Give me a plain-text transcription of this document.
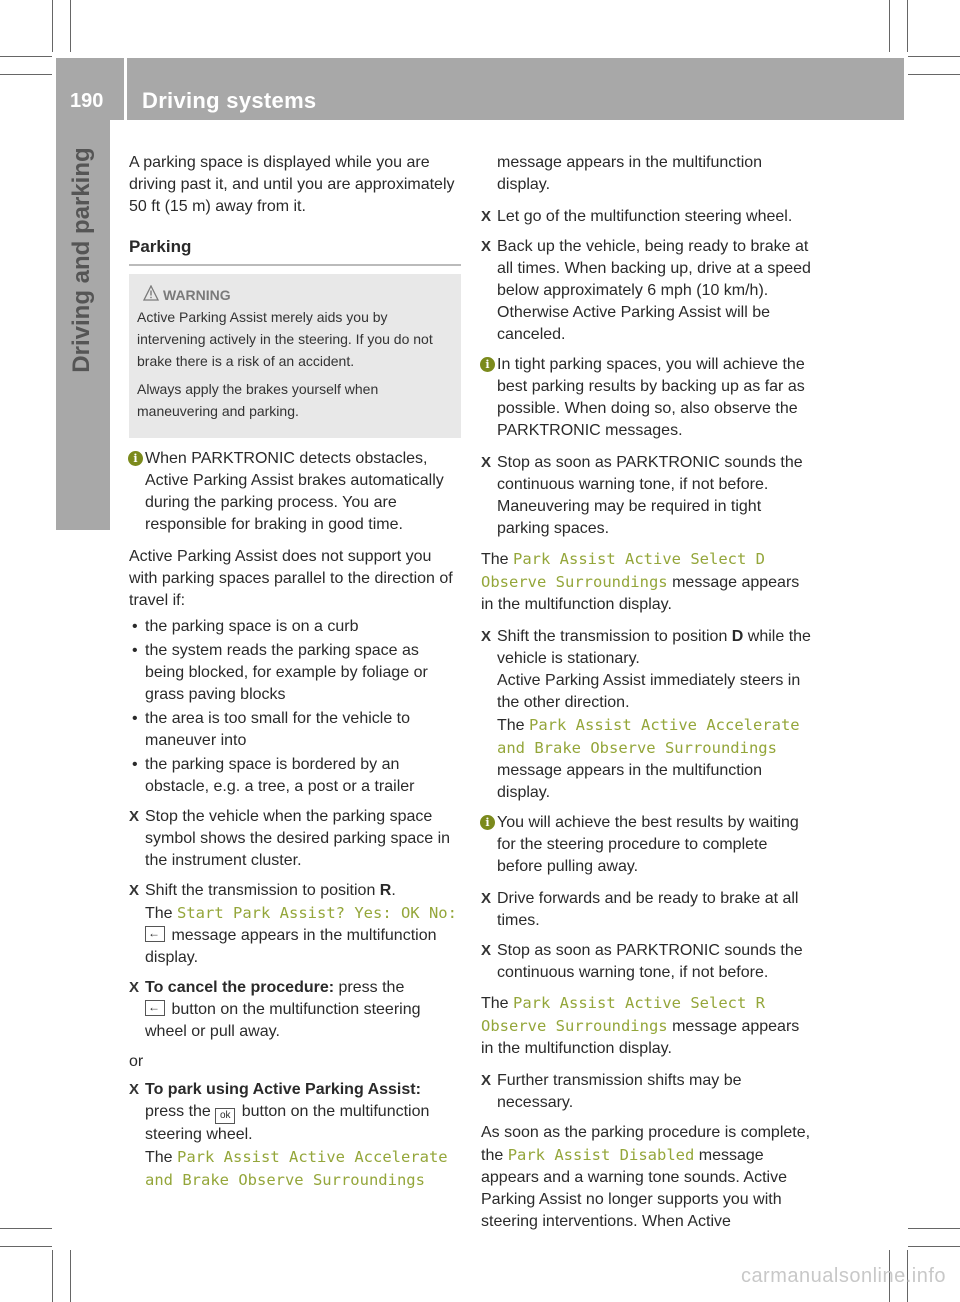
190 Driving systems
Driving and parking A parking space is displayed while you are driving past it, and until you are approximately 50 ft (15 m) away from it.

Parking
WARNING

Active Parking Assist merely aids you by intervening actively in the steering. If you do not brake there is a risk of an accident.

Always apply the brakes yourself when maneuvering and parking.

i When PARKTRONIC detects obstacles, Active Parking Assist brakes automatically during the parking process. You are responsible for braking in good time.

Active Parking Assist does not support you with parking spaces parallel to the direction of travel if:

• the parking space is on a curb
• the system reads the parking space as being blocked, for example by foliage or grass paving blocks
• the area is too small for the vehicle to maneuver into
• the parking space is bordered by an obstacle, e.g. a tree, a post or a trailer
X Stop the vehicle when the parking space symbol shows the desired parking space in the instrument cluster.
X Shift the transmission to position R.
The Start Park Assist? Yes: OK No:
← message appears in the multifunction display.
X To cancel the procedure: press the
← button on the multifunction steering wheel or pull away.

or

X To park using Active Parking Assist:
press the ok button on the multifunction steering wheel.
The Park Assist Active Accelerate
and Brake Observe Surroundings

message appears in the multifunction display.

X Let go of the multifunction steering wheel.
X Back up the vehicle, being ready to brake at all times. When backing up, drive at a speed below approximately 6 mph (10 km/h). Otherwise Active Parking Assist will be canceled.
i In tight parking spaces, you will achieve the best parking results by backing up as far as possible. When doing so, also observe the PARKTRONIC messages.
X Stop as soon as PARKTRONIC sounds the continuous warning tone, if not before. Maneuvering may be required in tight parking spaces.

The Park Assist Active Select D
Observe Surroundings message appears in the multifunction display.

X Shift the transmission to position D while the vehicle is stationary.
Active Parking Assist immediately steers in the other direction.
The Park Assist Active Accelerate
and Brake Observe Surroundings
message appears in the multifunction display.
i You will achieve the best results by waiting for the steering procedure to complete before pulling away.
X Drive forwards and be ready to brake at all times.
X Stop as soon as PARKTRONIC sounds the continuous warning tone, if not before.

The Park Assist Active Select R
Observe Surroundings message appears in the multifunction display.

X Further transmission shifts may be necessary.

As soon as the parking procedure is complete, the Park Assist Disabled message appears and a warning tone sounds. Active Parking Assist no longer supports you with steering interventions. When Active

carmanualsonline.info
